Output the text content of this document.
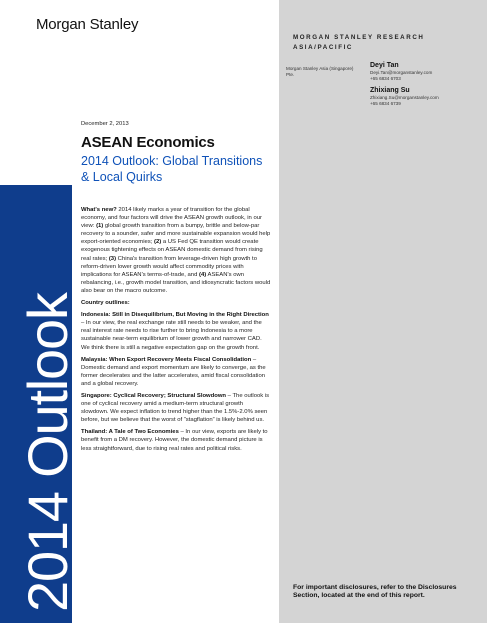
Morgan Stanley
MORGAN STANLEY RESEARCH
ASIA/PACIFIC
Morgan Stanley Asia (Singapore) Pte.
Deyi Tan
Deyi.Tan@morganstanley.com
+65 6834 6703
Zhixiang Su
Zhixiang.Su@morganstanley.com
+65 6834 6739
2014 Outlook
December 2, 2013
ASEAN Economics
2014 Outlook: Global Transitions & Local Quirks

What's new? 2014 likely marks a year of transition for the global economy, and four factors will drive the ASEAN growth outlook, in our view: (1) global growth transition from a bumpy, brittle and below-par recovery to a sounder, safer and more sustainable expansion would help export-oriented economies; (2) a US Fed QE transition would create exogenous tightening effects on ASEAN domestic demand from rising real rates; (3) China's transition from leverage-driven high growth to reform-driven lower growth would affect commodity prices with implications for ASEAN's terms-of-trade, and (4) ASEAN's own rebalancing, i.e., growth model transition, and idiosyncratic factors would also bear on the macro outcome.

Country outlines:

Indonesia: Still in Disequilibrium, But Moving in the Right Direction – In our view, the real exchange rate still needs to be weaker, and the real interest rate needs to rise further to bring Indonesia to a more sustainable near-term equilibrium of lower growth and narrower CAD. We think there is still a negative expectation gap on the growth front.

Malaysia: When Export Recovery Meets Fiscal Consolidation – Domestic demand and export momentum are likely to converge, as the former decelerates and the latter accelerates, amid fiscal consolidation and a global recovery.

Singapore: Cyclical Recovery; Structural Slowdown – The outlook is one of cyclical recovery amid a medium-term structural growth slowdown. We expect inflation to trend higher than the 1.5%-2.0% seen before, but we believe that the worst of “stagflation” is likely behind us.

Thailand: A Tale of Two Economies – In our view, exports are likely to benefit from a DM recovery. However, the domestic demand picture is less straightforward, due to rising real rates and political risks.

For important disclosures, refer to the Disclosures Section, located at the end of this report.
